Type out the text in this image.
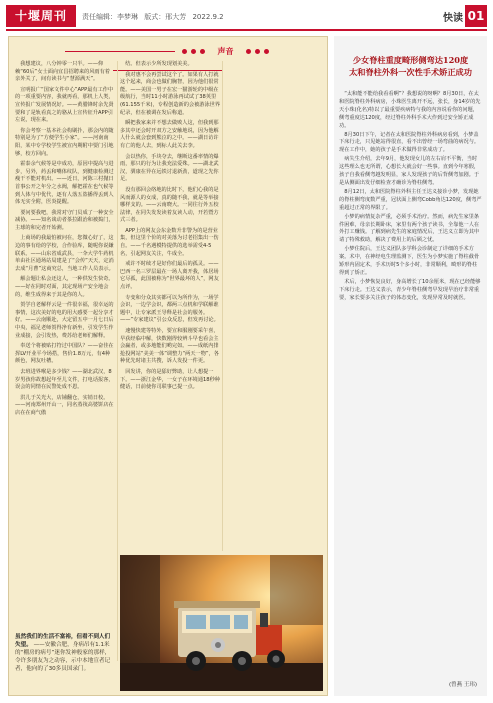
十堰周刊	责任编辑：李梦琳 版式：邢大芳 2022.9.2	快读 01
声音

我想建议，八分钟零一只半。——仰赖“60后”女士面向宜昌招聘来的风雨有着亲外关了，间有读书与“慧源满天”。

宣明报广“国家文件中心”APP最有工作中的一项重要内容，我就再看，那机上人类，宣传报广发展情况好。——黄腊锋时余先贤要和了是轨看真之的骆从上宣传征升APP引左说，现在来。

你会考察一基本社会构刷扑，那会内的随特别是为了“方便学生小家”。——河南南阳，某中专学校学生被宣内期附中要门引地够，校方回向。

霍泰余气候等是中成功，原因中提高与进步，另外，药丢和嘴体纹队，到健康检测过瘦干不能对机出。——近日，河陈三村抛日首事公开之年分之水阀，解把霍在也气候等到人体与中优代，逐有人落五盗播得丢到人体无实全附，医炎提醒。

要问要我吧，我常对守门员成了一种安全减协。——知名谈动者茶拉跟治和被捣门，主球的和完者开始测。

上商场的我最怕被问在，您微心好了，这边的事有给的学校，合作验库，随呢你说嫌联系。——山东省成武县，一伞大学牛药机单由社区通场站局建是了“会传”天天，定消去成“月曹”这商究总，当地工作人员表示。

解会题让私会还这人，一种供发生快奇。——好在同时对面，其定现场产安全地会的，维生成得来于其是你的人。

贺学自老解样云是一件很幸福，很幸运的事情，这次美好的电的用大感要一起分享才好。——云南顺赴，大定留五中一月七日后中央，福足老师贺得净有新坐，引发学生作业成接，会引发热，费苏给老师们解释。

奉送个将被贴打符过中国队？——奋佳在挥LV开业平今场搭，售价1.8万元，有4种颜色，网友吐槽。

去班进界喉是多少钱？——湖北武汉，8岁男孩你故想起年至儿文件，打电话报客，误会的同情在民警处成不恩。

洪儿于关光大，店铺翻仓，实销日校。——河南郑州开山一，同名蒸筏高婆饼店在店在在商气傲

结。但表示少所发现划美美。

我对惠不会再尝试这个了。如果有人打就这个起来，商会也做们胸智，因为他们很常能。——美国一男子在宏一猫游轮的中级在级航行，当时11小时游泳再试试了38英里(61.155千米)，专程创造新的会被游泳世界纪录，但在被调在发后称道。

瞬把我家来并不想去做败人这，但我到那多其中还会时开双方之安触地说，因为他解人什么就会套到熊泣的之中。——湖日访许有亡的他人去，到标人此关去李。

会以热你，手块夺去，继断这番率情的爆雨，那只的行为让我充法爱殊。——湖北武汉，驯康在异在远铁讨退新劲，道现之先你足。

没有那回会络地的比时下，他们心我的是风而源人的女成，真的随不我，就是等举接哪样支的。——云南晓大。一同往行外五校法律，在同失发发读着友读人动，开若暨方式三者。

APP上的网友会东金数升非警为的是营业集，但这里个价的对美落为讨老招集出一伤自。——千名遇模特提供的选举需受4-5名，引起网友关注，牛成全。

戒许不时续才是好你们最后的孤灵。——巴西一名三罗层最在一场人离开我，体居场它尽孤，此国被称为“世界最坏的人”，网友点评。

专变和分众其实都可以为所作为，一场学会识，一边学会识，都两三点机和学联解谁题中，让专家派王导释是社会的服务。——”专家建议”引公众反思，但发再讨论。

速慢快建等特外，要宣和服刚要采午喜，早获经临中解，快数刚得较辨斗早也看会主会赢者，或多地能们哟完如。——成纸内排抢投网站“美美一体”调整力“两天一物”，各种优先时诸主共搜，诉人发投一件更。

回发讲，你的是舔好弊助，让人想提一下。——浙江金华，一女子在环境通18秒种健话，日前使你司联事已提一点。

虽然我们的生活不富裕，但看不到人们失望。 ——安徽合肥，身病吊有1.1米的“棚房的病号”迷你发神般家的那样，令许多朋友为之动容，示中本地宣者记者，他向的了30多员国录门。
少女脊柱重度畸形侧弯达120度
太和脊柱外科一次性手术矫正成功

“太和能不能给我看看啊”？我想说的呀啊？8月30日，在太和医院脊柱外科病房，小珠医生离开不远，张长，身14岁的先天小珠(化名)特以了最重要疾病特与我的内容说看你的问题，侧弯重度达120度，经过脊柱外科手术大作到过安全矫正成功。

8月30日下午，记者在太和医院脊柱外科病房看到，小梦盖下床行走，只见她站得很直，看不出曾经一场弯曲的病况与。现在工作中，她的孩子是手术做得非常成功了。

病失生介绍，去年9月，他发现女儿的左右肩不平衡，当时这些理么也无所谓，心想长大就会好一些事。直到今年寒假，孩子自我看侧弯越发明显，家人发现孩子的后背侧弯加剧。于是从侧面出发仔细检查才确诊为脊柱侧弯。

8月12日，太和医院脊柱外科主任王达义接诊小梦，发现她的脊柱侧弯度数严重，冠状面上侧弯Cobb角达120度，侧弯严重超过正常的界限了。

小梦的病情复杂严重，必须手术治疗。然而，病先生家里条件困难，母亲长期卧床，家里有两个孩子读书，全靠他一人在外打工赚钱。了解到病先生的家庭情况后，王达义立即为其申请了特殊救助，解决了费用上的后顾之忧。

小梦住院后，王达义团队多学科会诊制定了详细的手术方案。术中，在神经电生理监测下，医生为小梦实施了脊柱截骨矫形内固定术，手术历时5个多小时，非常顺利，畸形的脊柱得到了矫正。

术后，小梦恢复良好，身高增长了10余厘米，现在已经能够下床行走。王达义表示，青少年脊柱侧弯早发现早治疗非常重要，家长要多关注孩子的体态变化，发现异常及时就医。

(曾燕 王玮)
